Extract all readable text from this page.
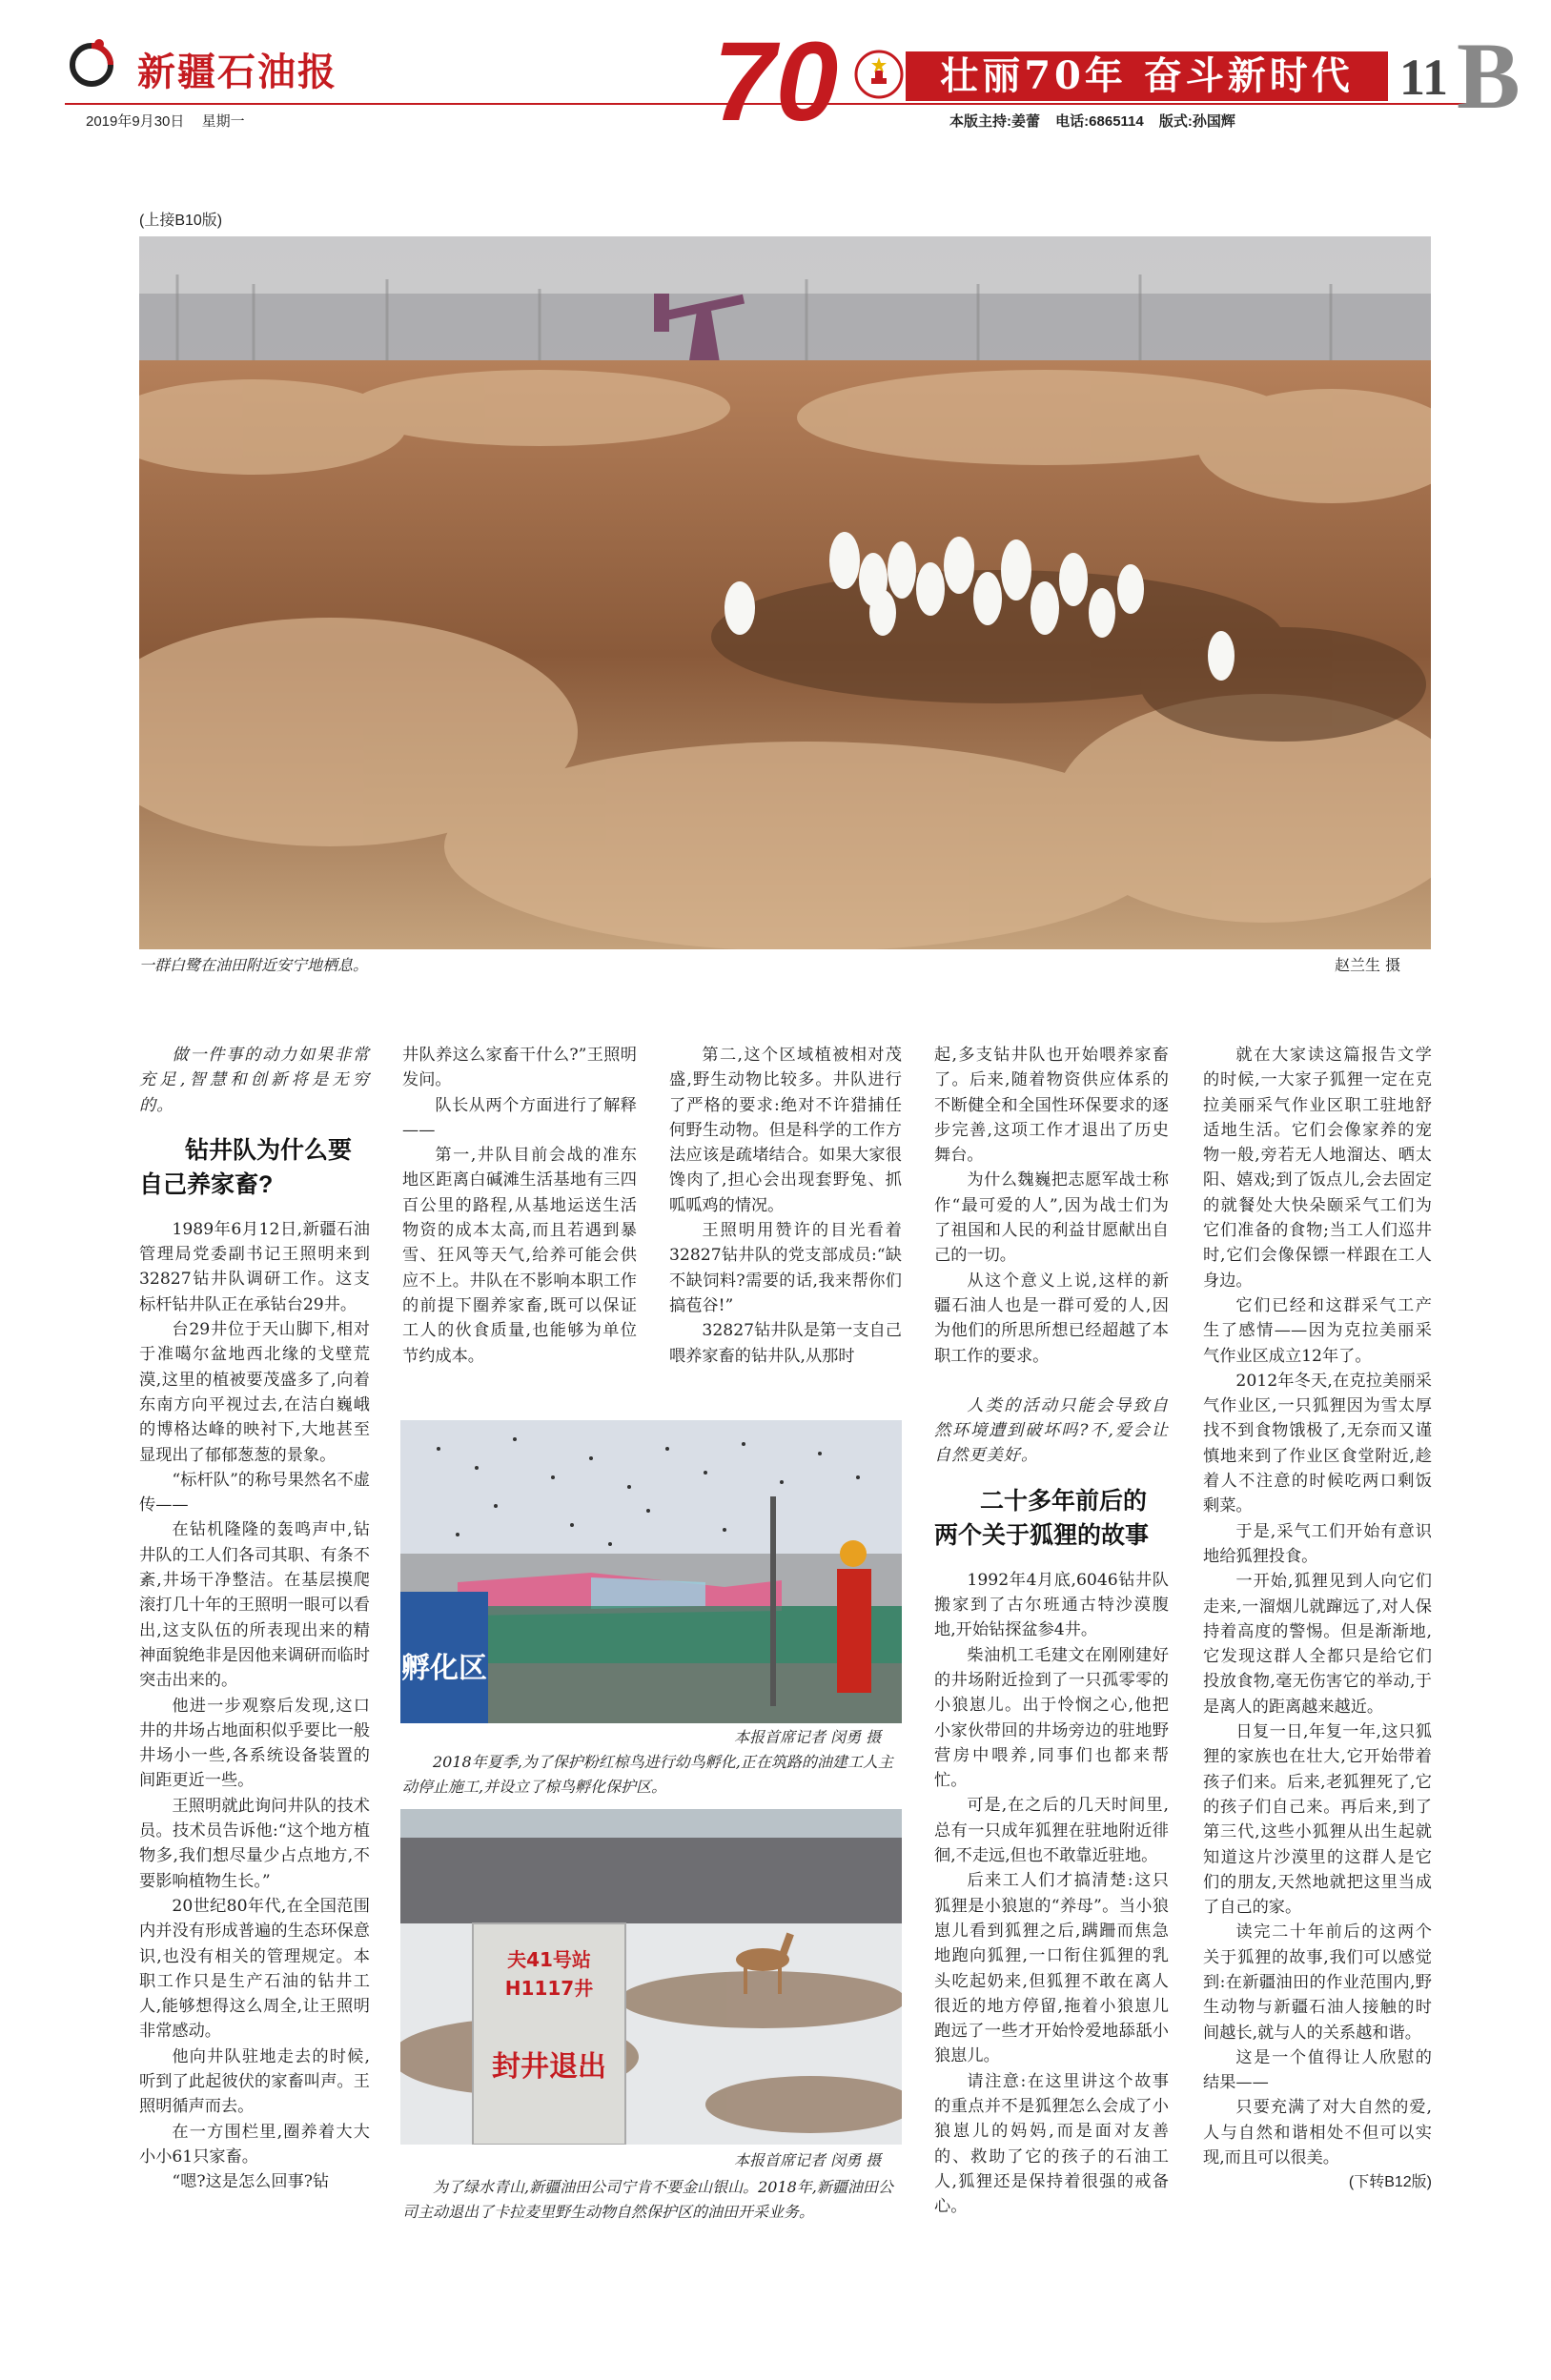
新疆石油报
2019年9月30日 星期一	70	壮丽70年 奋斗新时代 11 B
本版主持:姜蕾 电话:6865114 版式:孙国辉
(上接B10版)
一群白鹭在油田附近安宁地栖息。	赵兰生 摄

做一件事的动力如果非常充足,智慧和创新将是无穷的。

钻井队为什么要
自己养家畜?

1989年6月12日,新疆石油管理局党委副书记王照明来到32827钻井队调研工作。这支标杆钻井队正在承钻台29井。

台29井位于天山脚下,相对于准噶尔盆地西北缘的戈壁荒漠,这里的植被要茂盛多了,向着东南方向平视过去,在洁白巍峨的博格达峰的映衬下,大地甚至显现出了郁郁葱葱的景象。

“标杆队”的称号果然名不虚传——

在钻机隆隆的轰鸣声中,钻井队的工人们各司其职、有条不紊,井场干净整洁。在基层摸爬滚打几十年的王照明一眼可以看出,这支队伍的所表现出来的精神面貌绝非是因他来调研而临时突击出来的。

他进一步观察后发现,这口井的井场占地面积似乎要比一般井场小一些,各系统设备装置的间距更近一些。

王照明就此询问井队的技术员。技术员告诉他:“这个地方植物多,我们想尽量少占点地方,不要影响植物生长。”

20世纪80年代,在全国范围内并没有形成普遍的生态环保意识,也没有相关的管理规定。本职工作只是生产石油的钻井工人,能够想得这么周全,让王照明非常感动。

他向井队驻地走去的时候,听到了此起彼伏的家畜叫声。王照明循声而去。

在一方围栏里,圈养着大大小小61只家畜。

“嗯?这是怎么回事?钻

井队养这么家畜干什么?”王照明发问。

队长从两个方面进行了解释——

第一,井队目前会战的准东地区距离白碱滩生活基地有三四百公里的路程,从基地运送生活物资的成本太高,而且若遇到暴雪、狂风等天气,给养可能会供应不上。井队在不影响本职工作的前提下圈养家畜,既可以保证工人的伙食质量,也能够为单位节约成本。

第二,这个区域植被相对茂盛,野生动物比较多。井队进行了严格的要求:绝对不许猎捕任何野生动物。但是科学的工作方法应该是疏堵结合。如果大家很馋肉了,担心会出现套野兔、抓呱呱鸡的情况。

王照明用赞许的目光看着32827钻井队的党支部成员:“缺不缺饲料?需要的话,我来帮你们搞苞谷!”

32827钻井队是第一支自己喂养家畜的钻井队,从那时

孵化区
本报首席记者 闵勇 摄
2018年夏季,为了保护粉红椋鸟进行幼鸟孵化,正在筑路的油建工人主动停止施工,并设立了椋鸟孵化保护区。
夫41号站
H1117井
封井退出
本报首席记者 闵勇 摄
为了绿水青山,新疆油田公司宁肯不要金山银山。2018年,新疆油田公司主动退出了卡拉麦里野生动物自然保护区的油田开采业务。

起,多支钻井队也开始喂养家畜了。后来,随着物资供应体系的不断健全和全国性环保要求的逐步完善,这项工作才退出了历史舞台。

为什么魏巍把志愿军战士称作“最可爱的人”,因为战士们为了祖国和人民的利益甘愿献出自己的一切。

从这个意义上说,这样的新疆石油人也是一群可爱的人,因为他们的所思所想已经超越了本职工作的要求。

人类的活动只能会导致自然环境遭到破坏吗?不,爱会让自然更美好。

二十多年前后的
两个关于狐狸的故事

1992年4月底,6046钻井队搬家到了古尔班通古特沙漠腹地,开始钻探盆参4井。

柴油机工毛建文在刚刚建好的井场附近捡到了一只孤零零的小狼崽儿。出于怜悯之心,他把小家伙带回的井场旁边的驻地野营房中喂养,同事们也都来帮忙。

可是,在之后的几天时间里,总有一只成年狐狸在驻地附近徘徊,不走远,但也不敢靠近驻地。

后来工人们才搞清楚:这只狐狸是小狼崽的“养母”。当小狼崽儿看到狐狸之后,蹒跚而焦急地跑向狐狸,一口衔住狐狸的乳头吃起奶来,但狐狸不敢在离人很近的地方停留,拖着小狼崽儿跑远了一些才开始怜爱地舔舐小狼崽儿。

请注意:在这里讲这个故事的重点并不是狐狸怎么会成了小狼崽儿的妈妈,而是面对友善的、救助了它的孩子的石油工人,狐狸还是保持着很强的戒备心。

就在大家读这篇报告文学的时候,一大家子狐狸一定在克拉美丽采气作业区职工驻地舒适地生活。它们会像家养的宠物一般,旁若无人地溜达、晒太阳、嬉戏;到了饭点儿,会去固定的就餐处大快朵颐采气工们为它们准备的食物;当工人们巡井时,它们会像保镖一样跟在工人身边。

它们已经和这群采气工产生了感情——因为克拉美丽采气作业区成立12年了。

2012年冬天,在克拉美丽采气作业区,一只狐狸因为雪太厚找不到食物饿极了,无奈而又谨慎地来到了作业区食堂附近,趁着人不注意的时候吃两口剩饭剩菜。

于是,采气工们开始有意识地给狐狸投食。

一开始,狐狸见到人向它们走来,一溜烟儿就蹿远了,对人保持着高度的警惕。但是渐渐地,它发现这群人全都只是给它们投放食物,毫无伤害它的举动,于是离人的距离越来越近。

日复一日,年复一年,这只狐狸的家族也在壮大,它开始带着孩子们来。后来,老狐狸死了,它的孩子们自己来。再后来,到了第三代,这些小狐狸从出生起就知道这片沙漠里的这群人是它们的朋友,天然地就把这里当成了自己的家。

读完二十年前后的这两个关于狐狸的故事,我们可以感觉到:在新疆油田的作业范围内,野生动物与新疆石油人接触的时间越长,就与人的关系越和谐。

这是一个值得让人欣慰的结果——

只要充满了对大自然的爱,人与自然和谐相处不但可以实现,而且可以很美。

(下转B12版)
